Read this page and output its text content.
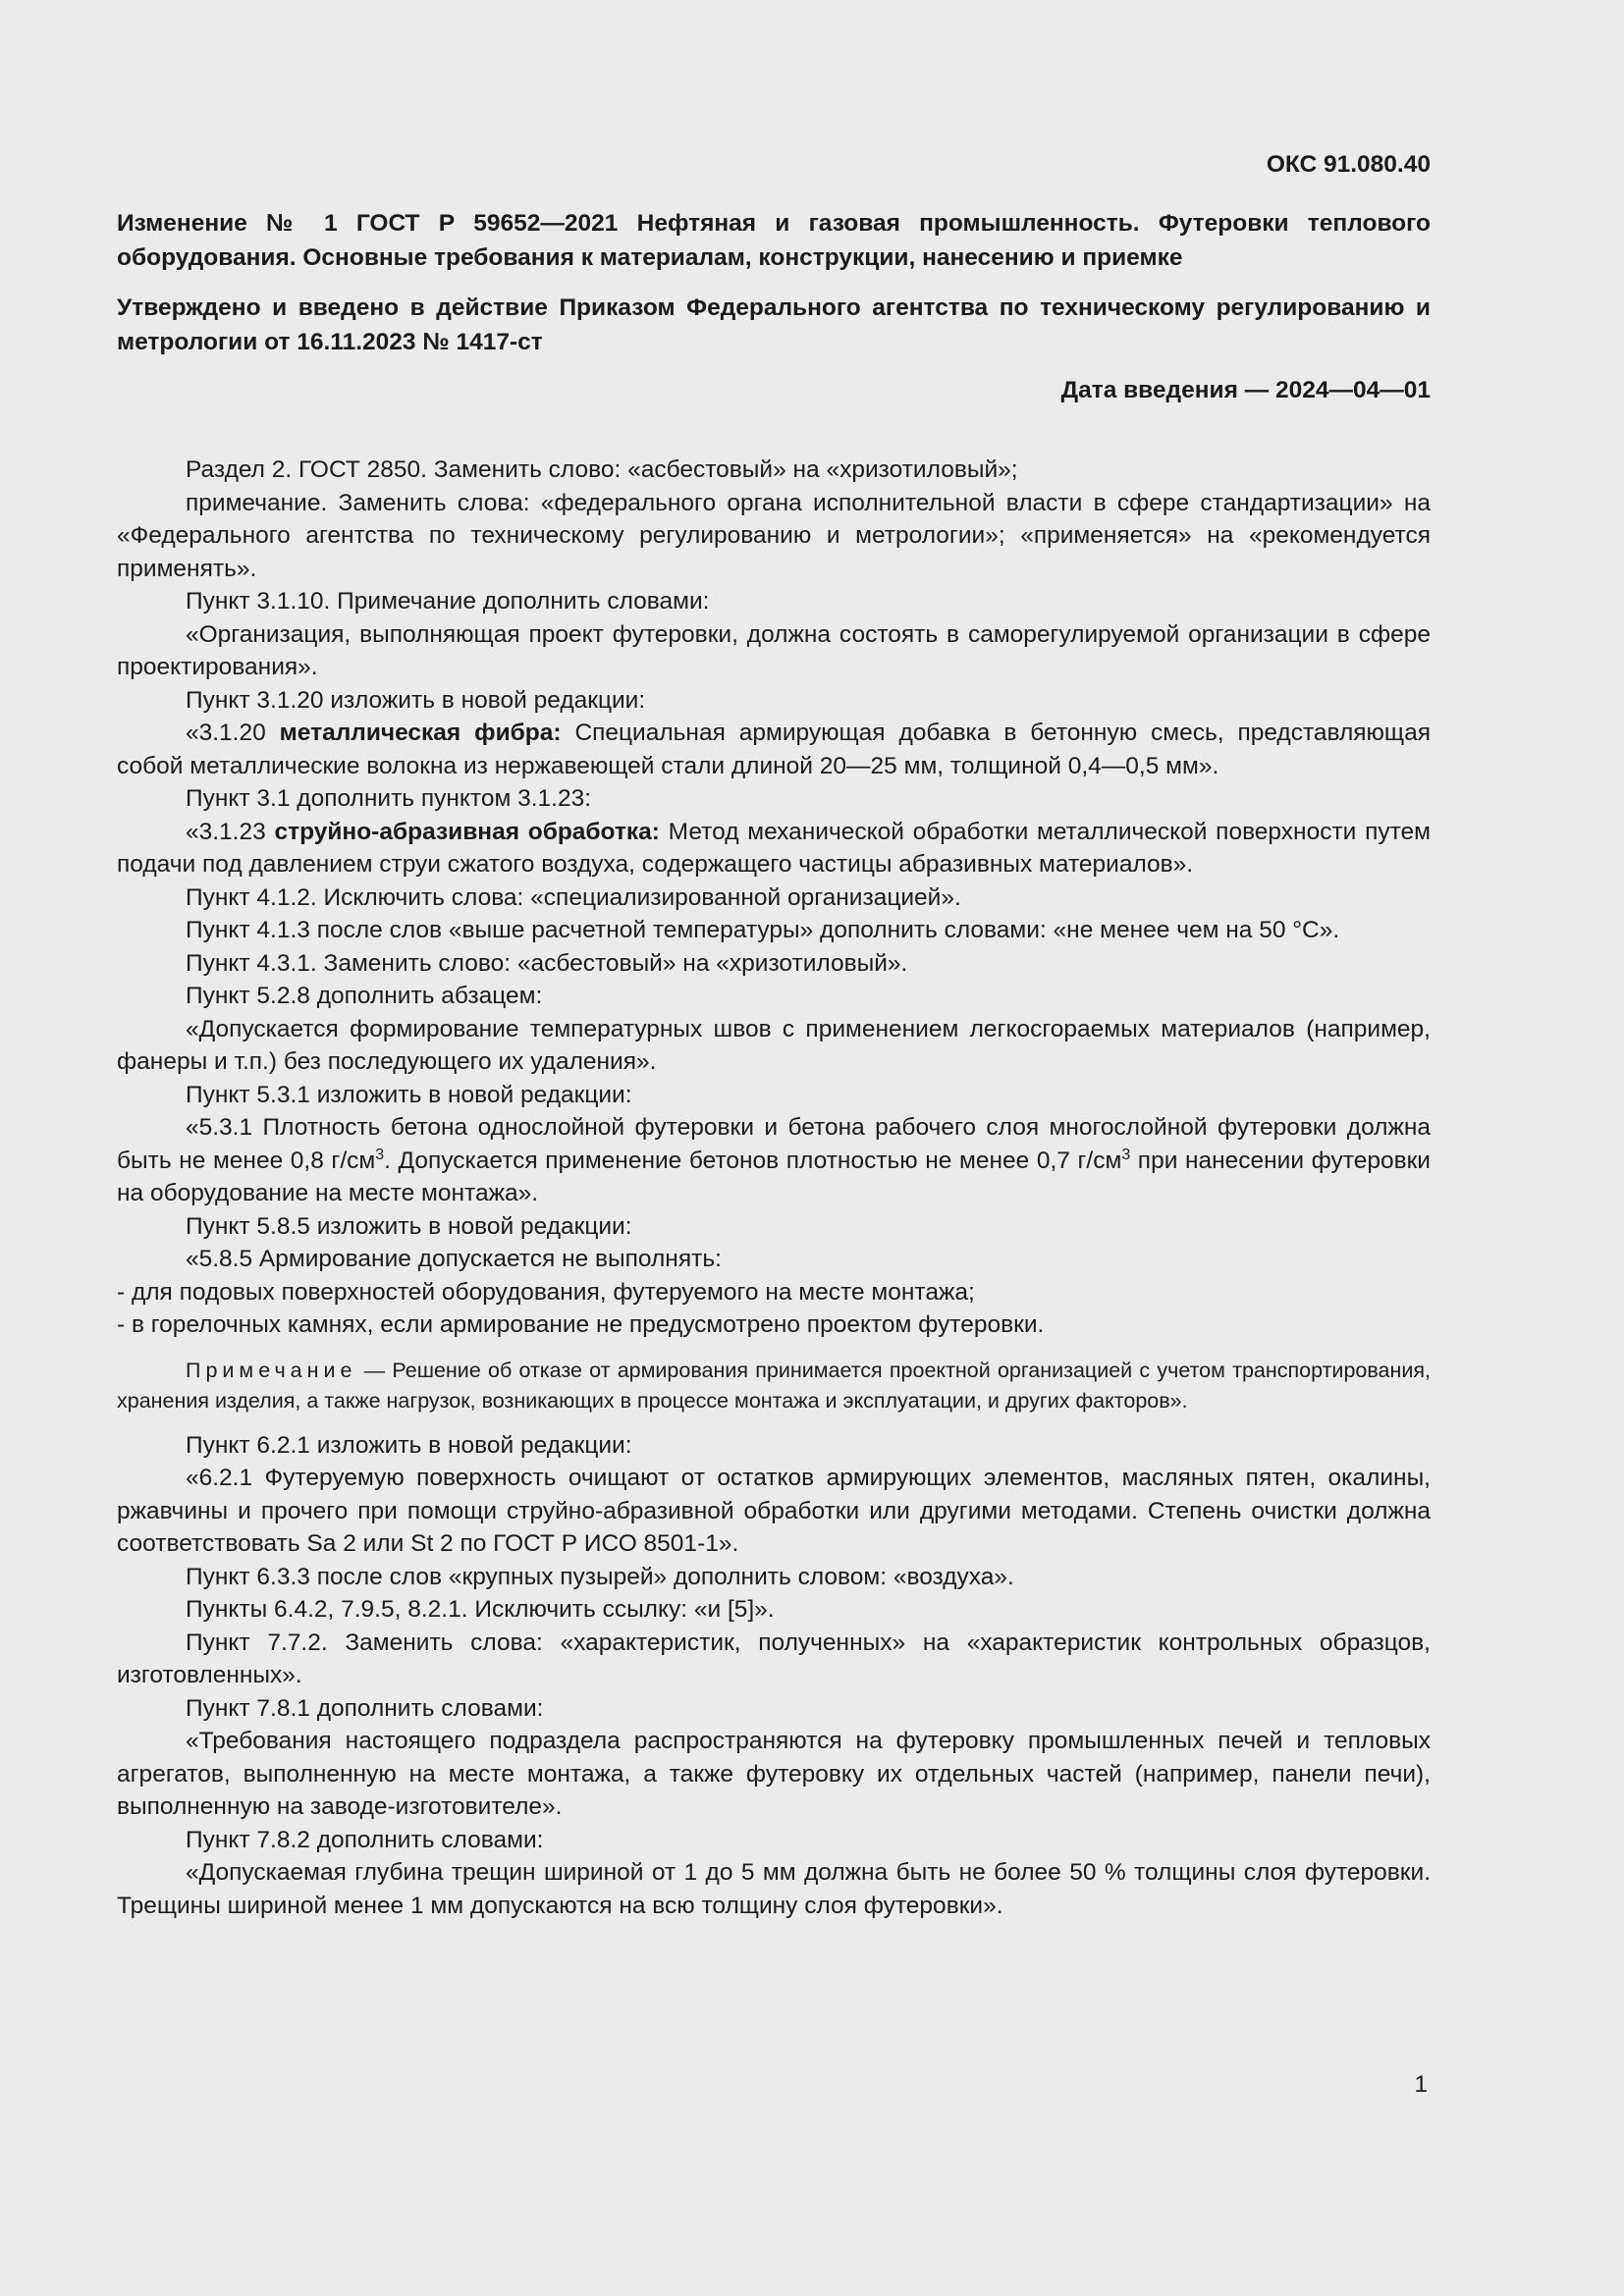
ОКС 91.080.40
Изменение № 1 ГОСТ Р 59652—2021 Нефтяная и газовая промышленность. Футеровки теплового оборудования. Основные требования к материалам, конструкции, нанесению и приемке
Утверждено и введено в действие Приказом Федерального агентства по техническому регулированию и метрологии от 16.11.2023 № 1417-ст
Дата введения — 2024—04—01

Раздел 2. ГОСТ 2850. Заменить слово: «асбестовый» на «хризотиловый»;

примечание. Заменить слова: «федерального органа исполнительной власти в сфере стандартизации» на «Федерального агентства по техническому регулированию и метрологии»; «применяется» на «рекомендуется применять».

Пункт 3.1.10. Примечание дополнить словами:

«Организация, выполняющая проект футеровки, должна состоять в саморегулируемой организации в сфере проектирования».

Пункт 3.1.20 изложить в новой редакции:

«3.1.20 металлическая фибра: Специальная армирующая добавка в бетонную смесь, представляющая собой металлические волокна из нержавеющей стали длиной 20—25 мм, толщиной 0,4—0,5 мм».

Пункт 3.1 дополнить пунктом 3.1.23:

«3.1.23 струйно-абразивная обработка: Метод механической обработки металлической поверхности путем подачи под давлением струи сжатого воздуха, содержащего частицы абразивных материалов».

Пункт 4.1.2. Исключить слова: «специализированной организацией».

Пункт 4.1.3 после слов «выше расчетной температуры» дополнить словами: «не менее чем на 50 °С».

Пункт 4.3.1. Заменить слово: «асбестовый» на «хризотиловый».

Пункт 5.2.8 дополнить абзацем:

«Допускается формирование температурных швов с применением легкосгораемых материалов (например, фанеры и т.п.) без последующего их удаления».

Пункт 5.3.1 изложить в новой редакции:

«5.3.1 Плотность бетона однослойной футеровки и бетона рабочего слоя многослойной футеровки должна быть не менее 0,8 $г/см^3$. Допускается применение бетонов плотностью не менее 0,7 $г/см^3$ при нанесении футеровки на оборудование на месте монтажа».

Пункт 5.8.5 изложить в новой редакции:

«5.8.5 Армирование допускается не выполнять:

- для подовых поверхностей оборудования, футеруемого на месте монтажа;

- в горелочных камнях, если армирование не предусмотрено проектом футеровки.

Примечание — Решение об отказе от армирования принимается проектной организацией с учетом транспортирования, хранения изделия, а также нагрузок, возникающих в процессе монтажа и эксплуатации, и других факторов».

Пункт 6.2.1 изложить в новой редакции:

«6.2.1 Футеруемую поверхность очищают от остатков армирующих элементов, масляных пятен, окалины, ржавчины и прочего при помощи струйно-абразивной обработки или другими методами. Степень очистки должна соответствовать Sa 2 или St 2 по ГОСТ Р ИСО 8501-1».

Пункт 6.3.3 после слов «крупных пузырей» дополнить словом: «воздуха».

Пункты 6.4.2, 7.9.5, 8.2.1. Исключить ссылку: «и [5]».

Пункт 7.7.2. Заменить слова: «характеристик, полученных» на «характеристик контрольных образцов, изготовленных».

Пункт 7.8.1 дополнить словами:

«Требования настоящего подраздела распространяются на футеровку промышленных печей и тепловых агрегатов, выполненную на месте монтажа, а также футеровку их отдельных частей (например, панели печи), выполненную на заводе-изготовителе».

Пункт 7.8.2 дополнить словами:

«Допускаемая глубина трещин шириной от 1 до 5 мм должна быть не более 50 % толщины слоя футеровки. Трещины шириной менее 1 мм допускаются на всю толщину слоя футеровки».

1
